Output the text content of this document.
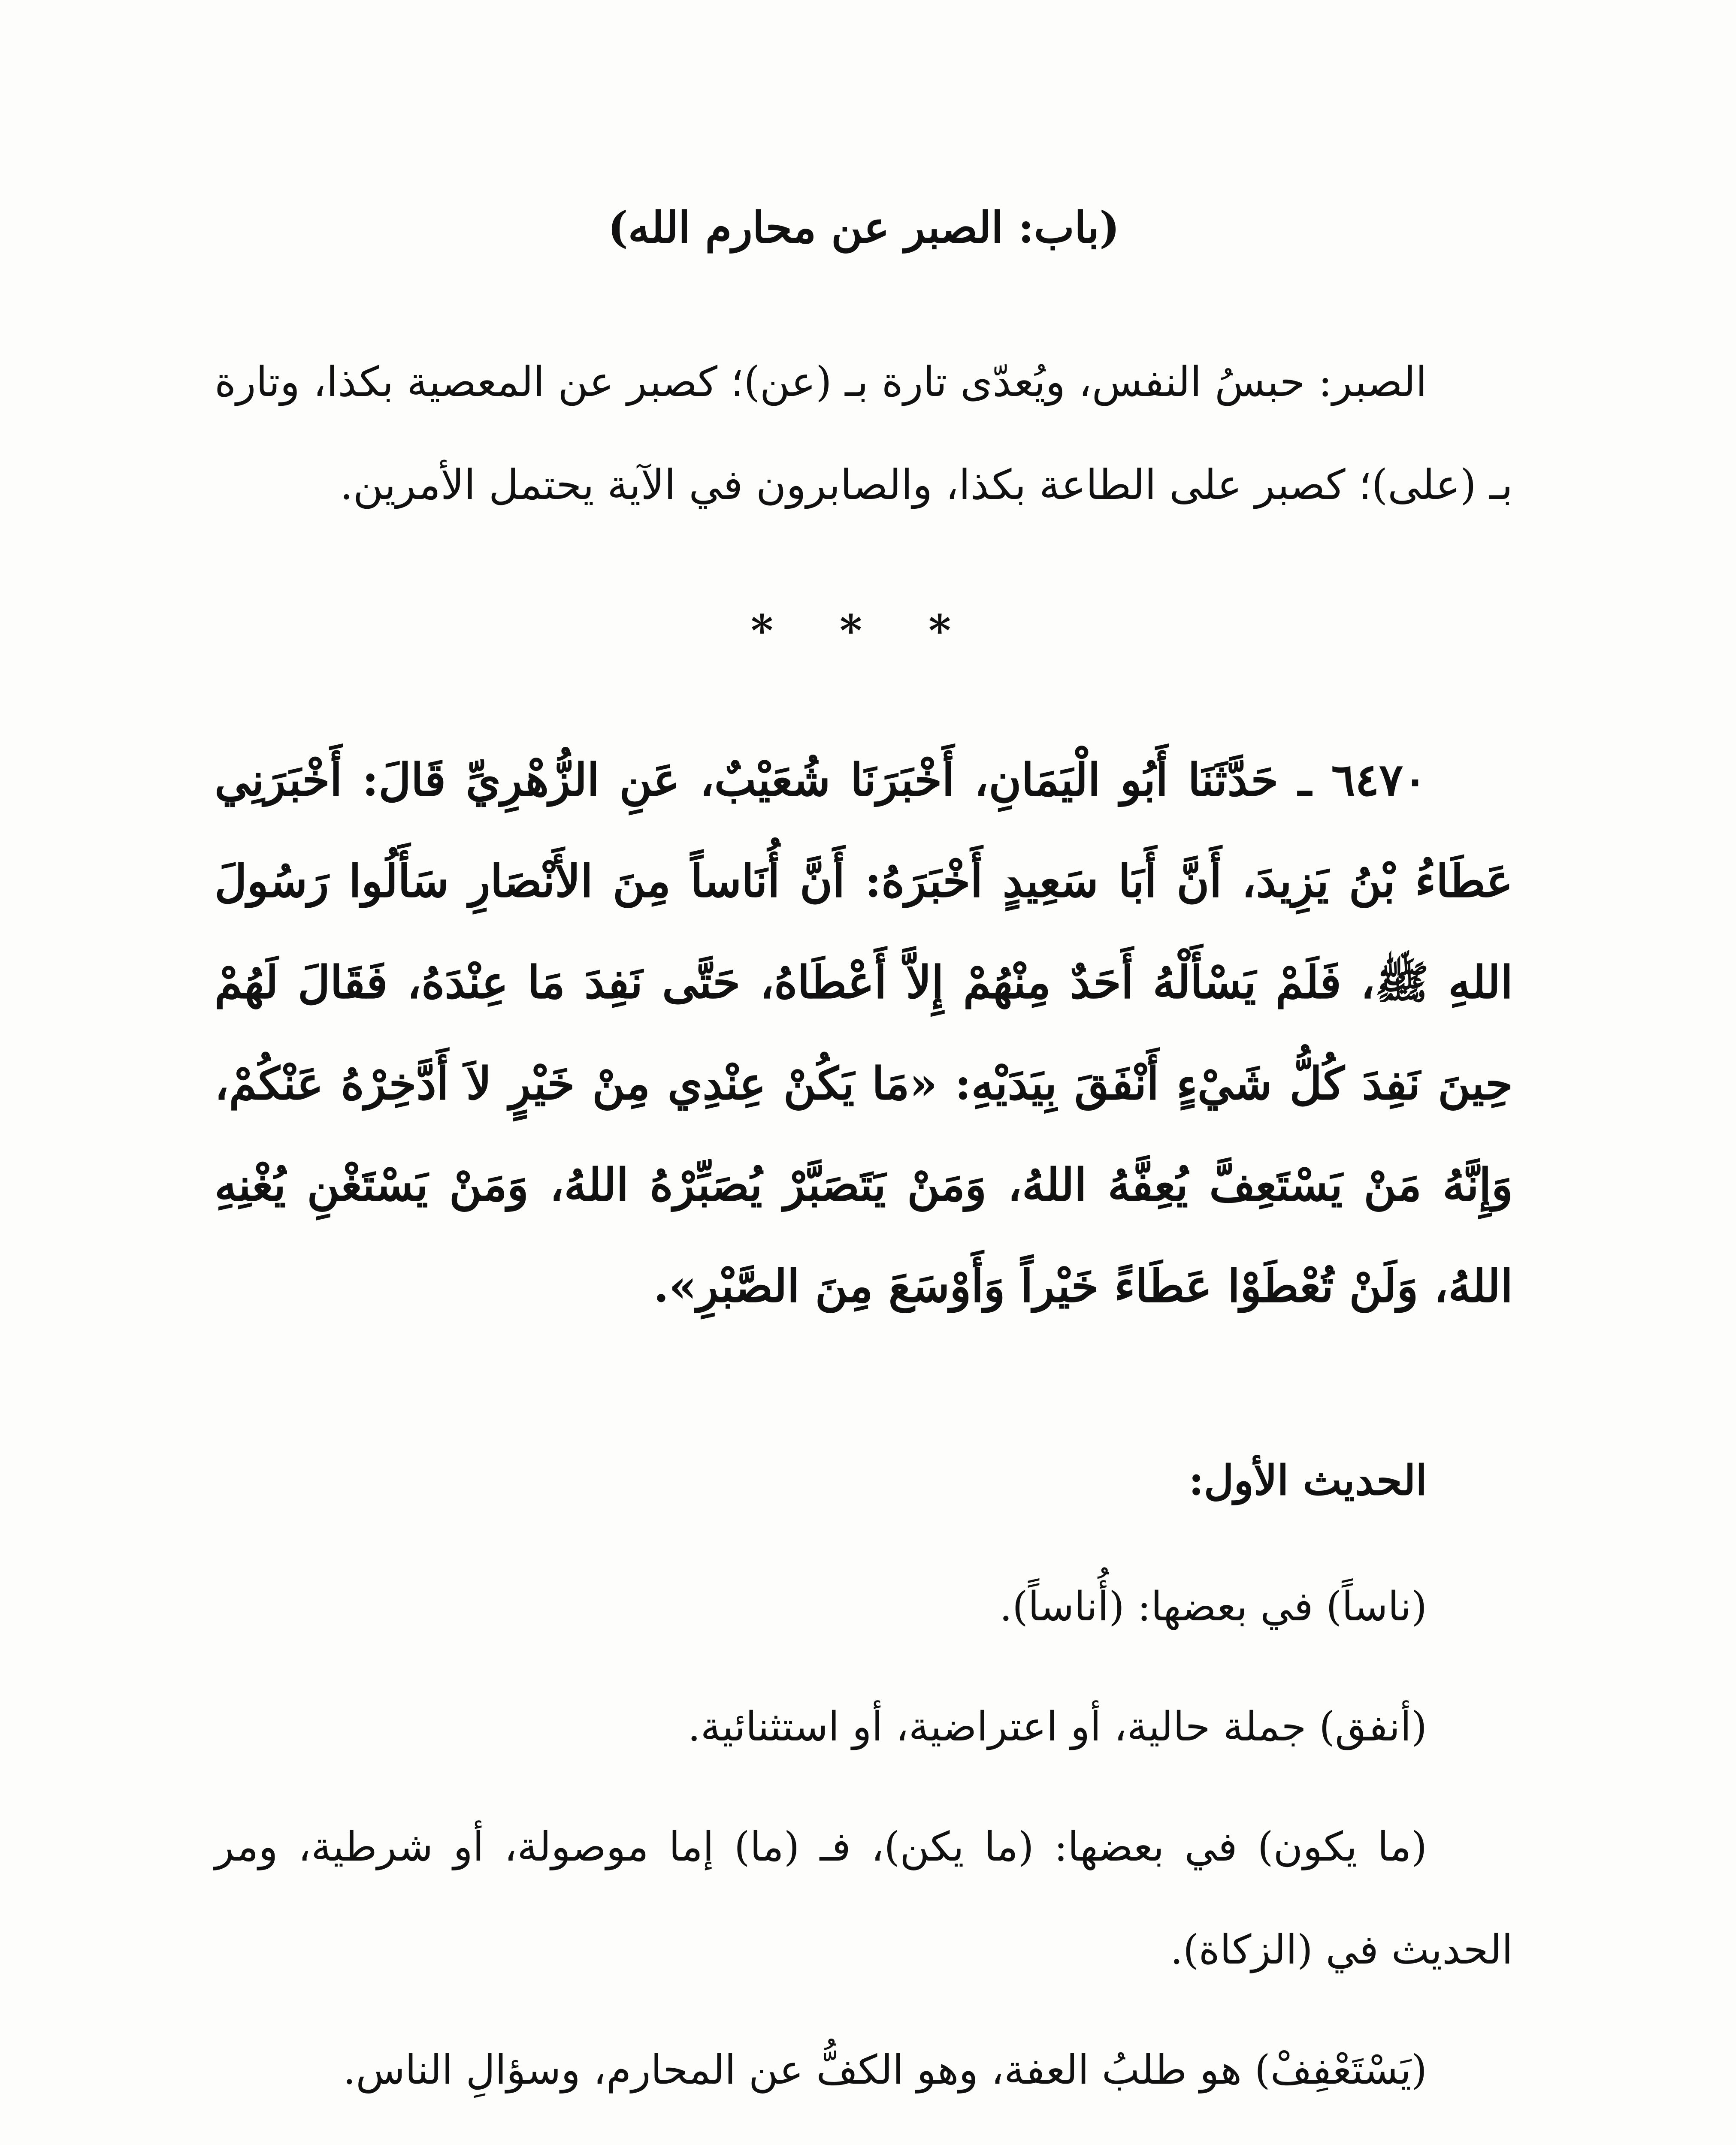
(باب: الصبر عن محارم الله)

الصبر: حبسُ النفس، ويُعدّى تارة بـ (عن)؛ كصبر عن المعصية بكذا، وتارة بـ (على)؛ كصبر على الطاعة بكذا، والصابرون في الآية يحتمل الأمرين.

* * *

٦٤٧٠ ـ حَدَّثَنَا أَبُو الْيَمَانِ، أَخْبَرَنَا شُعَيْبٌ، عَنِ الزُّهْرِيِّ قَالَ: أَخْبَرَنِي عَطَاءُ بْنُ يَزِيدَ، أَنَّ أَبَا سَعِيدٍ أَخْبَرَهُ: أَنَّ أُنَاساً مِنَ الأَنْصَارِ سَأَلُوا رَسُولَ اللهِ ﷺ، فَلَمْ يَسْأَلْهُ أَحَدٌ مِنْهُمْ إِلاَّ أَعْطَاهُ، حَتَّى نَفِدَ مَا عِنْدَهُ، فَقَالَ لَهُمْ حِينَ نَفِدَ كُلُّ شَيْءٍ أَنْفَقَ بِيَدَيْهِ: «مَا يَكُنْ عِنْدِي مِنْ خَيْرٍ لاَ أَدَّخِرْهُ عَنْكُمْ، وَإِنَّهُ مَنْ يَسْتَعِفَّ يُعِفَّهُ اللهُ، وَمَنْ يَتَصَبَّرْ يُصَبِّرْهُ اللهُ، وَمَنْ يَسْتَغْنِ يُغْنِهِ اللهُ، وَلَنْ تُعْطَوْا عَطَاءً خَيْراً وَأَوْسَعَ مِنَ الصَّبْرِ».

الحديث الأول:

(ناساً) في بعضها: (أُناساً).

(أنفق) جملة حالية، أو اعتراضية، أو استثنائية.

(ما يكون) في بعضها: (ما يكن)، فـ (ما) إما موصولة، أو شرطية، ومر الحديث في (الزكاة).

(يَسْتَعْفِفْ) هو طلبُ العفة، وهو الكفُّ عن المحارم، وسؤالِ الناس.
